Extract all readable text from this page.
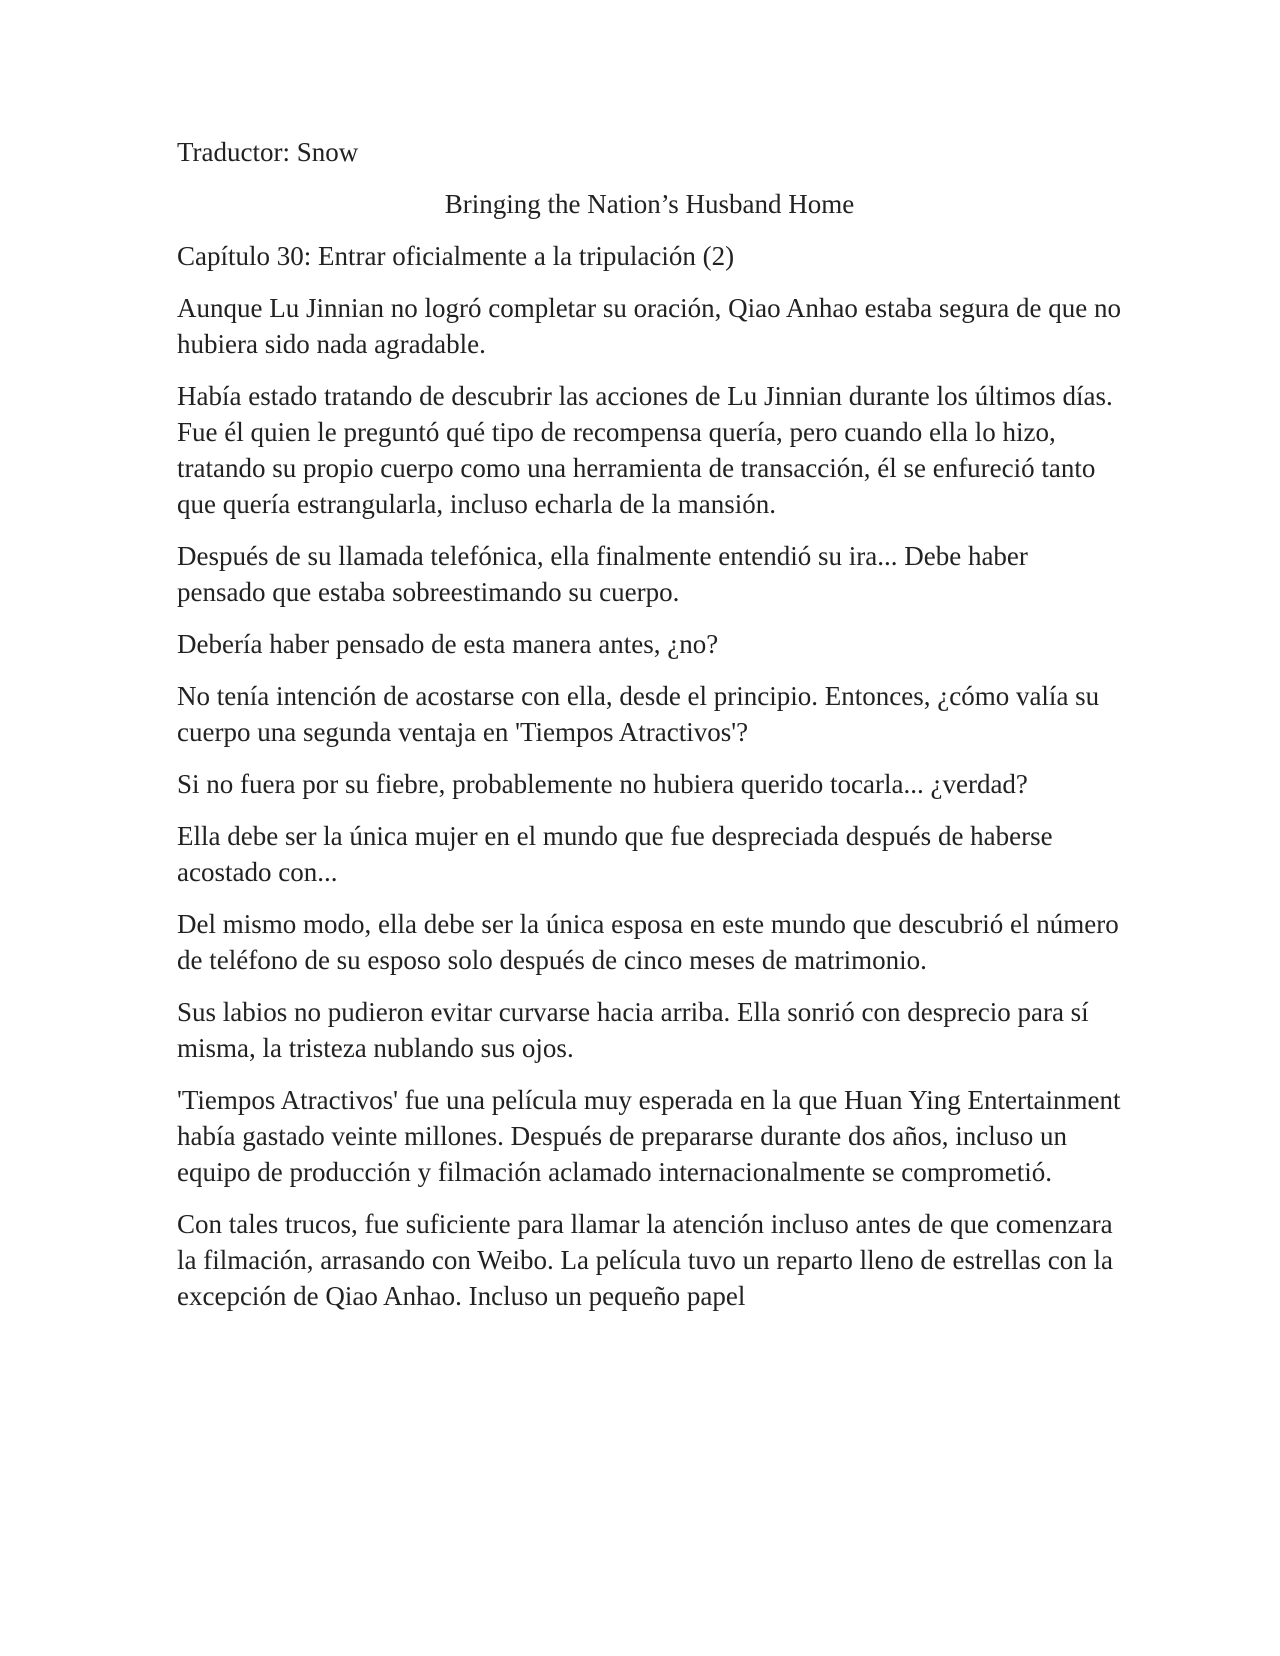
Traductor: Snow
Bringing the Nation’s Husband Home
Capítulo 30: Entrar oficialmente a la tripulación (2)

Aunque Lu Jinnian no logró completar su oración, Qiao Anhao estaba segura de que no hubiera sido nada agradable.

Había estado tratando de descubrir las acciones de Lu Jinnian durante los últimos días. Fue él quien le preguntó qué tipo de recompensa quería, pero cuando ella lo hizo, tratando su propio cuerpo como una herramienta de transacción, él se enfureció tanto que quería estrangularla, incluso echarla de la mansión.

Después de su llamada telefónica, ella finalmente entendió su ira... Debe haber pensado que estaba sobreestimando su cuerpo.

Debería haber pensado de esta manera antes, ¿no?

No tenía intención de acostarse con ella, desde el principio. Entonces, ¿cómo valía su cuerpo una segunda ventaja en 'Tiempos Atractivos'?

Si no fuera por su fiebre, probablemente no hubiera querido tocarla... ¿verdad?

Ella debe ser la única mujer en el mundo que fue despreciada después de haberse acostado con...

Del mismo modo, ella debe ser la única esposa en este mundo que descubrió el número de teléfono de su esposo solo después de cinco meses de matrimonio.

Sus labios no pudieron evitar curvarse hacia arriba. Ella sonrió con desprecio para sí misma, la tristeza nublando sus ojos.

'Tiempos Atractivos' fue una película muy esperada en la que Huan Ying Entertainment había gastado veinte millones. Después de prepararse durante dos años, incluso un equipo de producción y filmación aclamado internacionalmente se comprometió.

Con tales trucos, fue suficiente para llamar la atención incluso antes de que comenzara la filmación, arrasando con Weibo. La película tuvo un reparto lleno de estrellas con la excepción de Qiao Anhao. Incluso un pequeño papel
